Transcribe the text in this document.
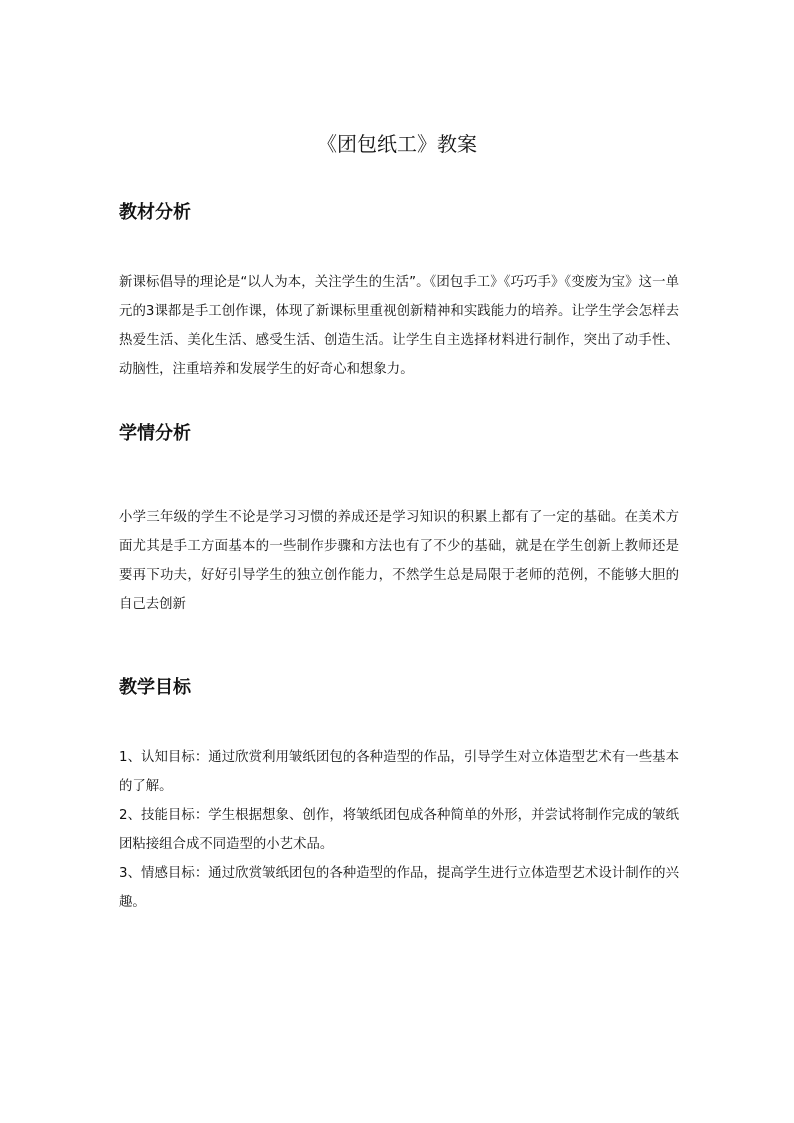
《团包纸工》教案
教材分析

新课标倡导的理论是“以人为本，关注学生的生活”。《团包手工》《巧巧手》《变废为宝》这一单元的3课都是手工创作课，体现了新课标里重视创新精神和实践能力的培养。让学生学会怎样去热爱生活、美化生活、感受生活、创造生活。让学生自主选择材料进行制作，突出了动手性、动脑性，注重培养和发展学生的好奇心和想象力。

学情分析

小学三年级的学生不论是学习习惯的养成还是学习知识的积累上都有了一定的基础。在美术方面尤其是手工方面基本的一些制作步骤和方法也有了不少的基础，就是在学生创新上教师还是要再下功夫，好好引导学生的独立创作能力，不然学生总是局限于老师的范例，不能够大胆的自己去创新

教学目标
1、认知目标：通过欣赏利用皱纸团包的各种造型的作品，引导学生对立体造型艺术有一些基本的了解。
2、技能目标：学生根据想象、创作，将皱纸团包成各种简单的外形，并尝试将制作完成的皱纸团粘接组合成不同造型的小艺术品。
3、情感目标：通过欣赏皱纸团包的各种造型的作品，提高学生进行立体造型艺术设计制作的兴趣。
